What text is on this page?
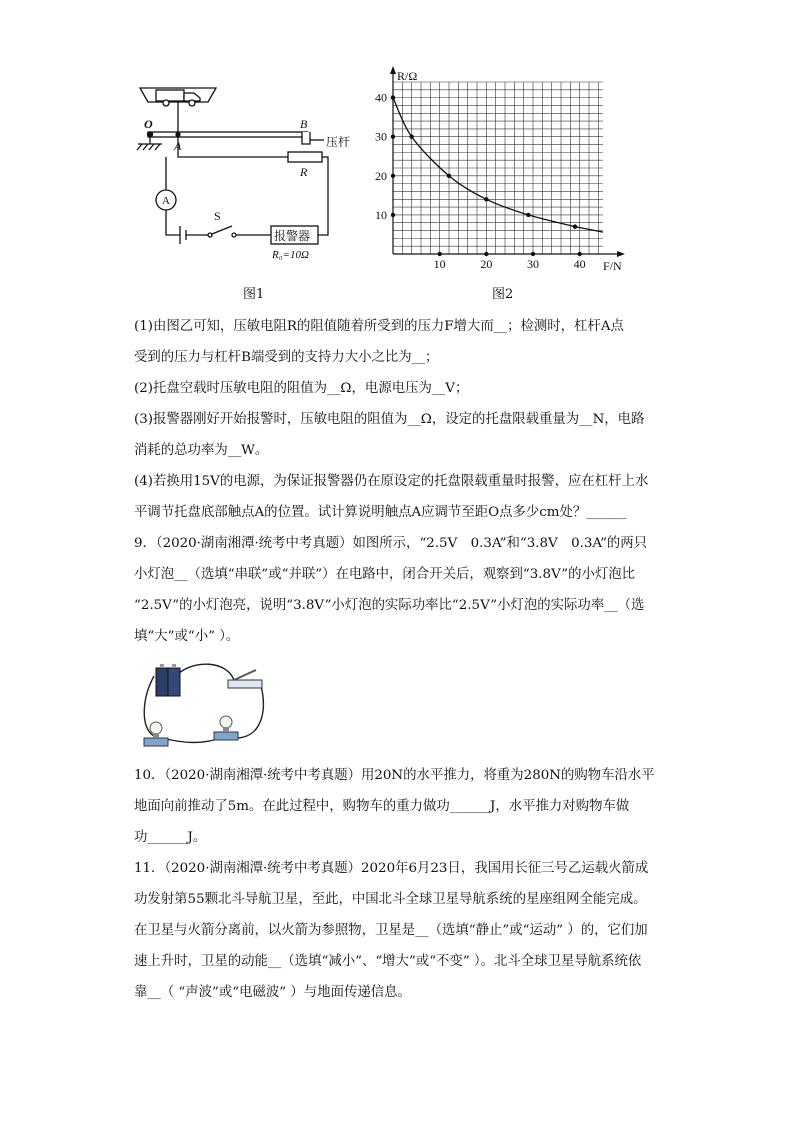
O
A
B
压杆
R
A
S
报警器
R₀=10Ω
图1
10	20	30	40
10
20
30
40
R/Ω
F/N
图2
(1)由图乙可知，压敏电阻R的阻值随着所受到的压力F增大而__；检测时，杠杆A点
受到的压力与杠杆B端受到的支持力大小之比为__；
(2)托盘空载时压敏电阻的阻值为__Ω，电源电压为__V；
(3)报警器刚好开始报警时，压敏电阻的阻值为__Ω，设定的托盘限载重量为__N，电路
消耗的总功率为__W。
(4)若换用15V的电源，为保证报警器仍在原设定的托盘限载重量时报警，应在杠杆上水
平调节托盘底部触点A的位置。试计算说明触点A应调节至距O点多少cm处？______
9．（2020·湖南湘潭·统考中考真题）如图所示，“2.5V　0.3A”和“3.8V　0.3A”的两只
小灯泡__（选填“串联”或“并联”）在电路中，闭合开关后，观察到“3.8V”的小灯泡比
“2.5V”的小灯泡亮，说明“3.8V”小灯泡的实际功率比“2.5V”小灯泡的实际功率__（选
填“大”或“小” ）。
10．（2020·湖南湘潭·统考中考真题）用20N的水平推力，将重为280N的购物车沿水平
地面向前推动了5m。在此过程中，购物车的重力做功______J，水平推力对购物车做
功______J。
11．（2020·湖南湘潭·统考中考真题）2020年6月23日，我国用长征三号乙运载火箭成
功发射第55颗北斗导航卫星，至此，中国北斗全球卫星导航系统的星座组网全能完成。
在卫星与火箭分离前，以火箭为参照物，卫星是__（选填“静止”或“运动” ）的，它们加
速上升时，卫星的动能__（选填“减小”、“增大”或“不变” ）。北斗全球卫星导航系统依
靠__（ “声波”或“电磁波” ）与地面传递信息。
